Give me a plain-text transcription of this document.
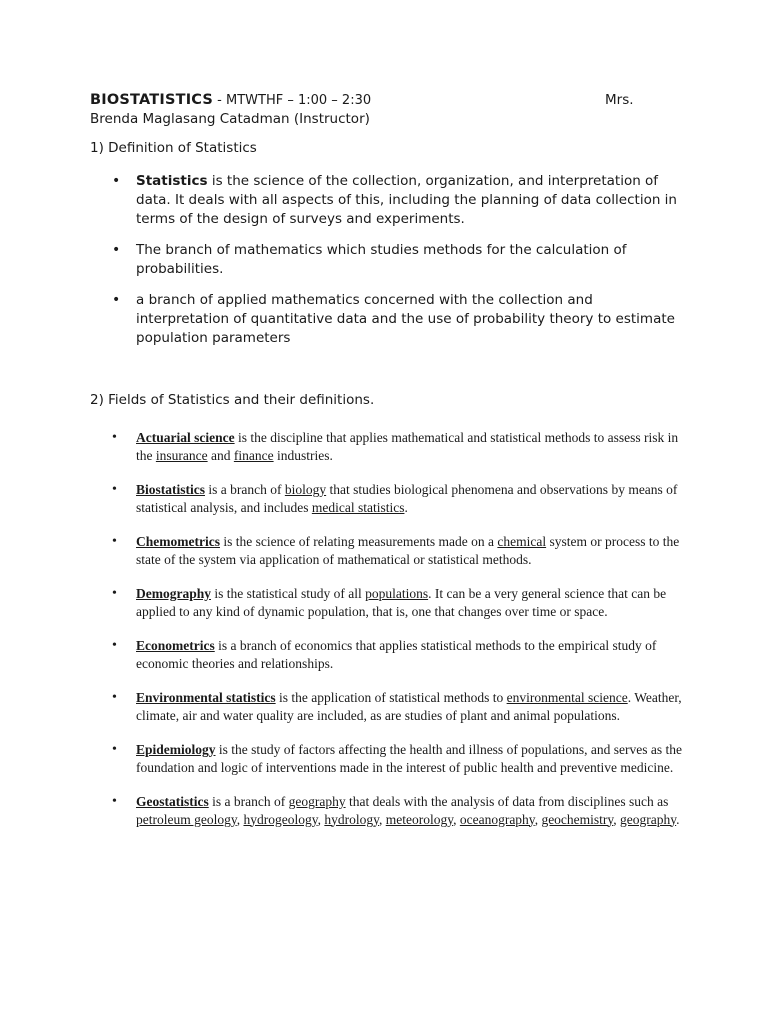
BIOSTATISTICS - MTWTHF – 1:00 – 2:30	Mrs.
Brenda Maglasang Catadman (Instructor)
1) Definition of Statistics
• Statistics is the science of the collection, organization, and interpretation of data. It deals with all aspects of this, including the planning of data collection in terms of the design of surveys and experiments.
• The branch of mathematics which studies methods for the calculation of probabilities.
• a branch of applied mathematics concerned with the collection and interpretation of quantitative data and the use of probability theory to estimate population parameters
2) Fields of Statistics and their definitions.
• Actuarial science is the discipline that applies mathematical and statistical methods to assess risk in the insurance and finance industries.
• Biostatistics is a branch of biology that studies biological phenomena and observations by means of statistical analysis, and includes medical statistics.
• Chemometrics is the science of relating measurements made on a chemical system or process to the state of the system via application of mathematical or statistical methods.
• Demography is the statistical study of all populations. It can be a very general science that can be applied to any kind of dynamic population, that is, one that changes over time or space.
• Econometrics is a branch of economics that applies statistical methods to the empirical study of economic theories and relationships.
• Environmental statistics is the application of statistical methods to environmental science. Weather, climate, air and water quality are included, as are studies of plant and animal populations.
• Epidemiology is the study of factors affecting the health and illness of populations, and serves as the foundation and logic of interventions made in the interest of public health and preventive medicine.
• Geostatistics is a branch of geography that deals with the analysis of data from disciplines such as petroleum geology, hydrogeology, hydrology, meteorology, oceanography, geochemistry, geography.
